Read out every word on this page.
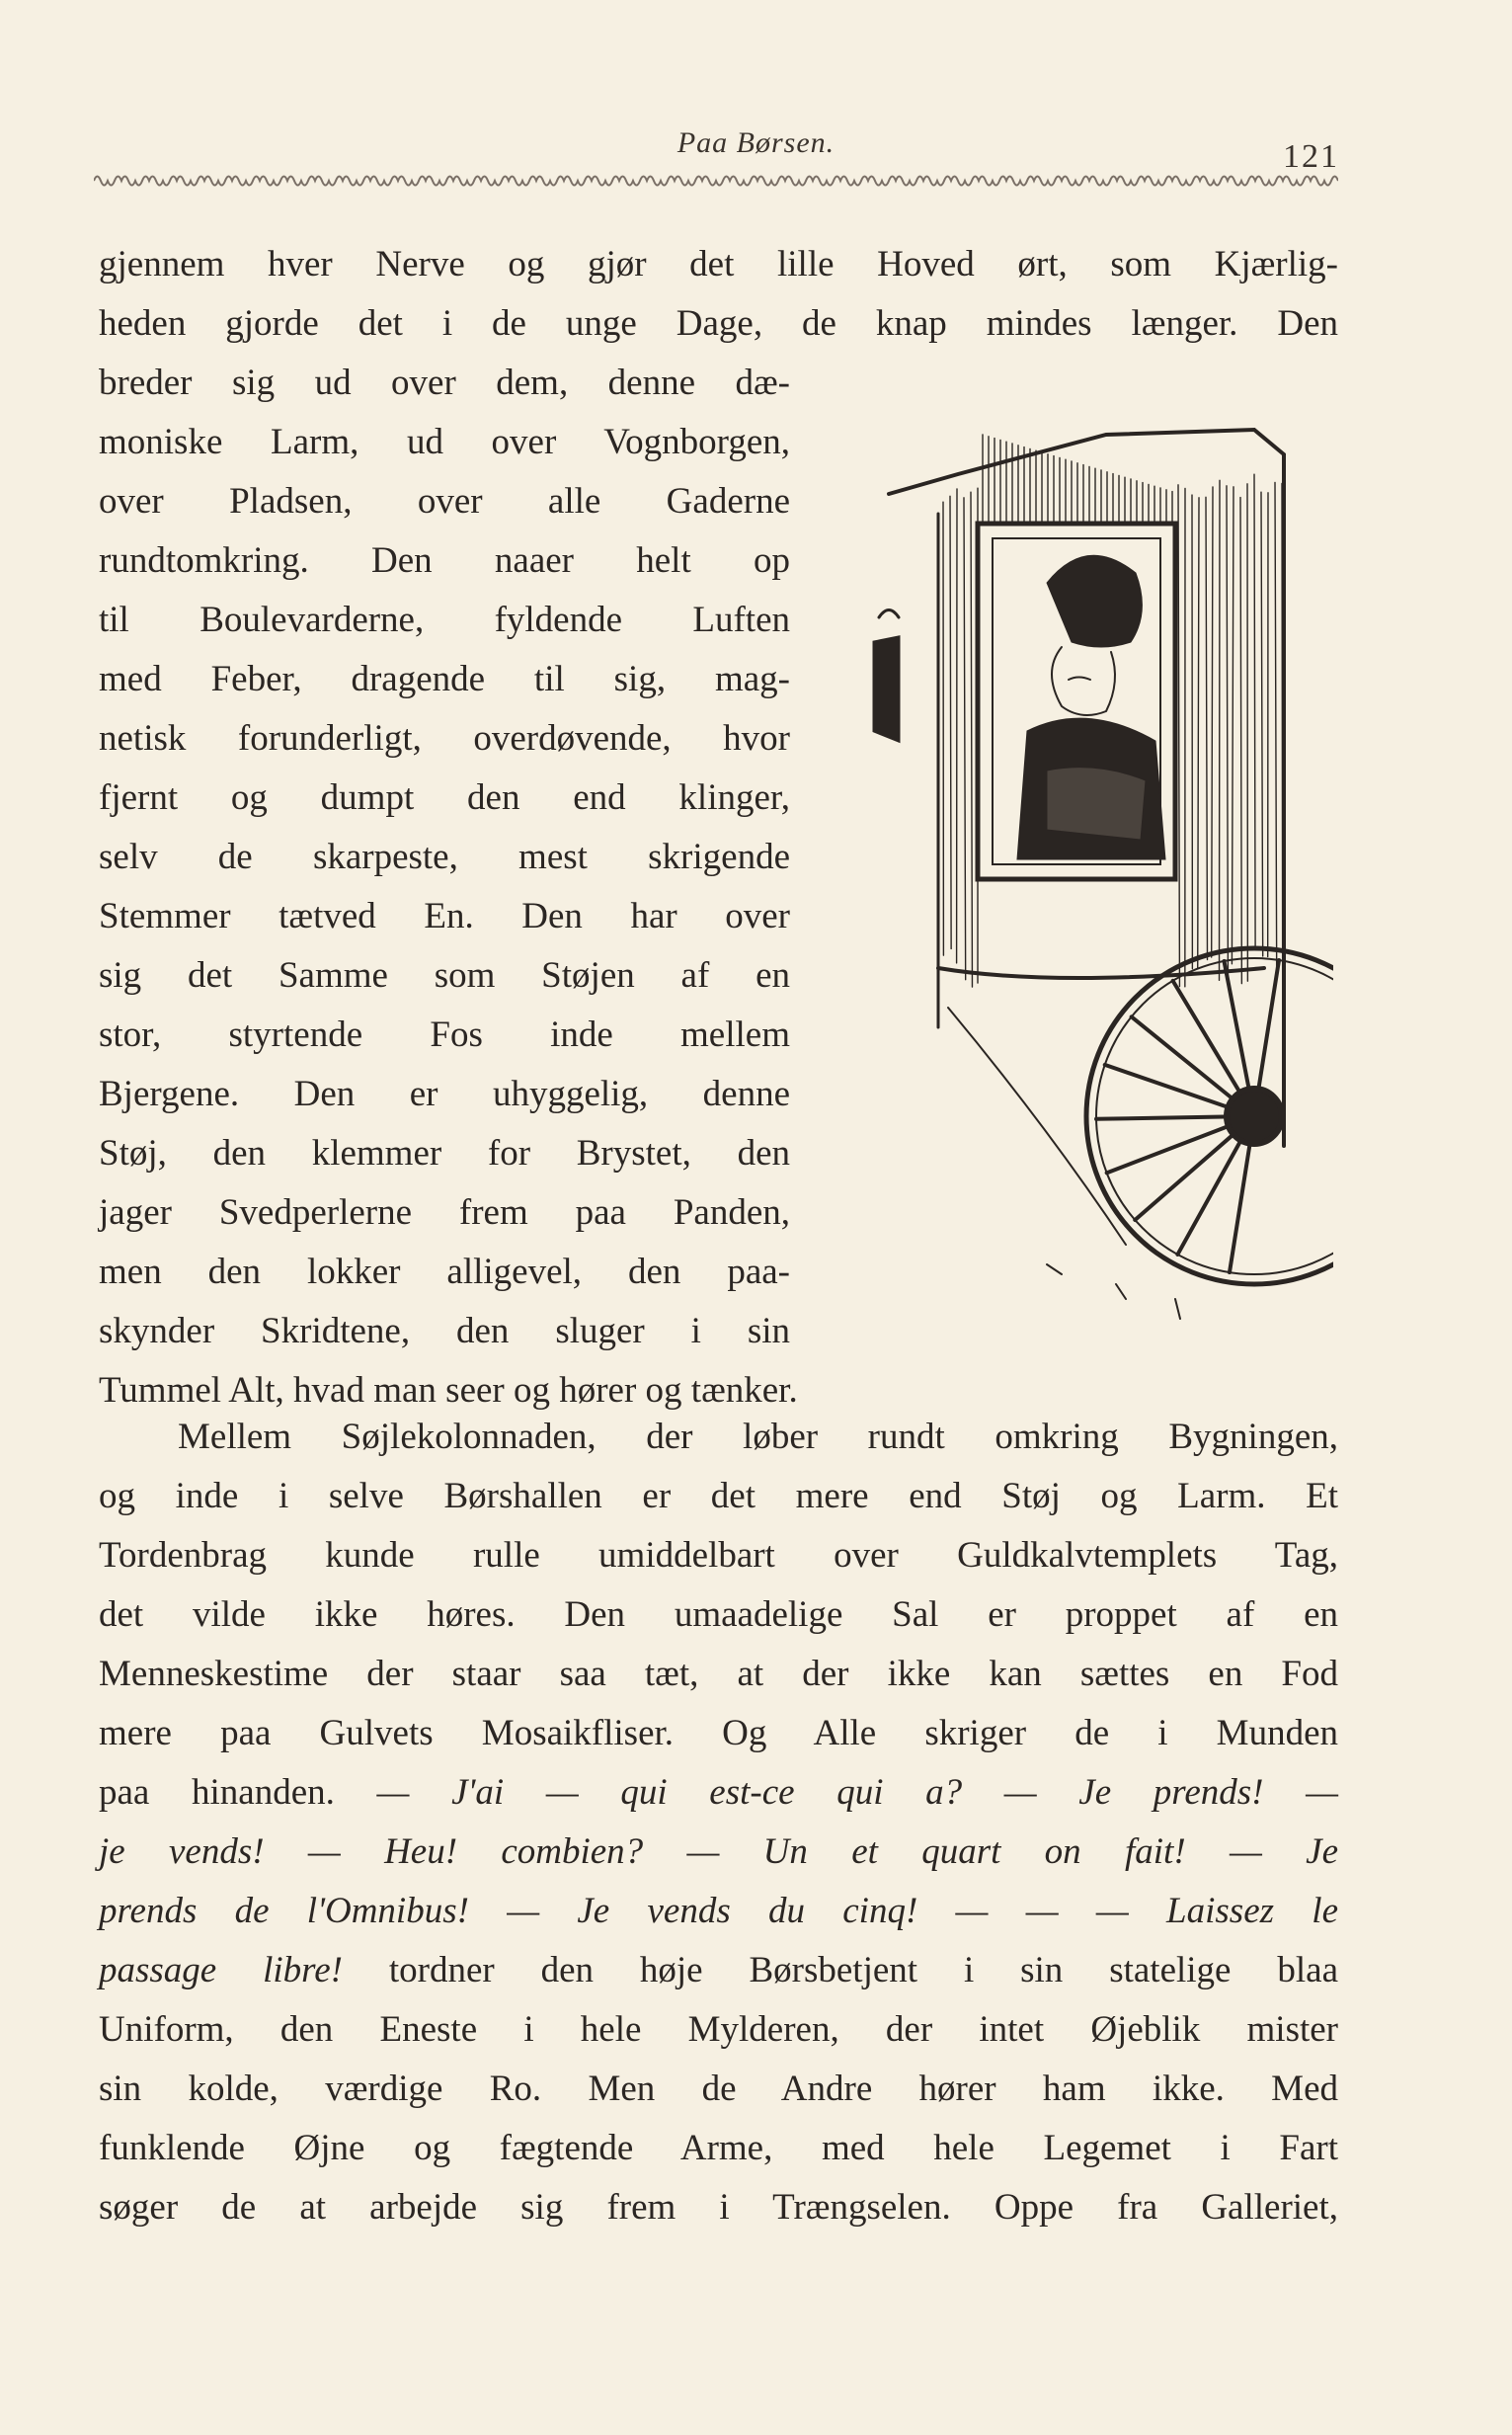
Paa Børsen.	121
gjennem hver Nerve og gjør det lille Hoved ørt, som Kjærlig-
heden gjorde det i de unge Dage, de knap mindes længer. Den
breder sig ud over dem, denne dæ-
moniske Larm, ud over Vognborgen,
over Pladsen, over alle Gaderne
rundtomkring. Den naaer helt op
til Boulevarderne, fyldende Luften
med Feber, dragende til sig, mag-
netisk forunderligt, overdøvende, hvor
fjernt og dumpt den end klinger,
selv de skarpeste, mest skrigende
Stemmer tætved En. Den har over
sig det Samme som Støjen af en
stor, styrtende Fos inde mellem
Bjergene. Den er uhyggelig, denne
Støj, den klemmer for Brystet, den
jager Svedperlerne frem paa Panden,
men den lokker alligevel, den paa-
skynder Skridtene, den sluger i sin
Tummel Alt, hvad man seer og hører og tænker.
Mellem Søjlekolonnaden, der løber rundt omkring Bygningen,
og inde i selve Børshallen er det mere end Støj og Larm. Et
Tordenbrag kunde rulle umiddelbart over Guldkalvtemplets Tag,
det vilde ikke høres. Den umaadelige Sal er proppet af en
Menneskestime der staar saa tæt, at der ikke kan sættes en Fod
mere paa Gulvets Mosaikfliser. Og Alle skriger de i Munden
paa hinanden. — J'ai — qui est-ce qui a? — Je prends! —
je vends! — Heu! combien? — Un et quart on fait! — Je
prends de l'Omnibus! — Je vends du cinq! — — — Laissez le
passage libre! tordner den høje Børsbetjent i sin statelige blaa
Uniform, den Eneste i hele Mylderen, der intet Øjeblik mister
sin kolde, værdige Ro. Men de Andre hører ham ikke. Med
funklende Øjne og fægtende Arme, med hele Legemet i Fart
søger de at arbejde sig frem i Trængselen. Oppe fra Galleriet,
